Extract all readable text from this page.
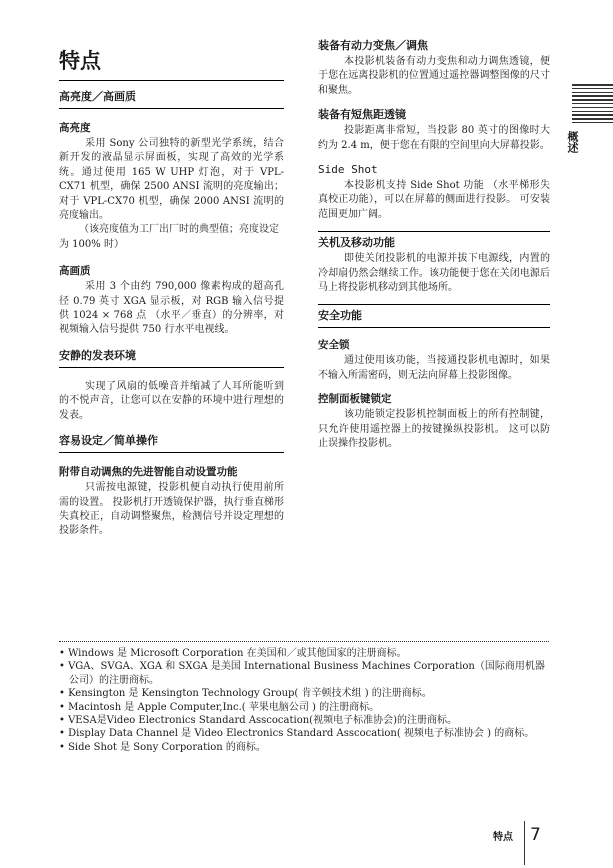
特点
高亮度／高画质
高亮度

采用 Sony 公司独特的新型光学系统，结合新开发的液晶显示屏面板，实现了高效的光学系统。通过使用 165 W UHP 灯泡，对于 VPL-CX71 机型，确保 2500 ANSI 流明的亮度输出；对于 VPL-CX70 机型，确保 2000 ANSI 流明的亮度输出。

（该亮度值为工厂出厂时的典型值；亮度设定为 100% 时）

高画质

采用 3 个由约 790,000 像素构成的超高孔径 0.79 英寸 XGA 显示板，对 RGB 输入信号提供 1024 × 768 点 （水平／垂直）的分辨率，对视频输入信号提供 750 行水平电视线。

安静的发表环境

实现了风扇的低噪音并缩减了人耳所能听到的不悦声音，让您可以在安静的环境中进行理想的发表。

容易设定／简单操作
附带自动调焦的先进智能自动设置功能

只需按电源键，投影机便自动执行使用前所需的设置。 投影机打开透镜保护器，执行垂直梯形失真校正，自动调整聚焦，检测信号并设定理想的投影条件。

装备有动力变焦／调焦

本投影机装备有动力变焦和动力调焦透镜，便于您在远离投影机的位置通过遥控器调整图像的尺寸和聚焦。

装备有短焦距透镜

投影距离非常短，当投影 80 英寸的图像时大约为 2.4 m，便于您在有限的空间里向大屏幕投影。

Side Shot

本投影机支持 Side Shot 功能 （水平梯形失真校正功能），可以在屏幕的侧面进行投影。 可安装范围更加广阔。

关机及移动功能

即使关闭投影机的电源并拔下电源线，内置的冷却扇仍然会继续工作。该功能便于您在关闭电源后马上将投影机移动到其他场所。

安全功能
安全锁

通过使用该功能，当接通投影机电源时，如果不输入所需密码，则无法向屏幕上投影图像。

控制面板键锁定

该功能锁定投影机控制面板上的所有控制键，只允许使用遥控器上的按键操纵投影机。 这可以防止误操作投影机。

• Windows 是 Microsoft Corporation 在美国和／或其他国家的注册商标。
• VGA、SVGA、XGA 和 SXGA 是美国 International Business Machines Corporation（国际商用机器公司）的注册商标。
• Kensington 是 Kensington Technology Group( 肯辛顿技术组 ) 的注册商标。
• Macintosh 是 Apple Computer,Inc.( 苹果电脑公司 ) 的注册商标。
• VESA是Video Electronics Standard Asscocation(视频电子标准协会)的注册商标。
• Display Data Channel 是 Video Electronics Standard Asscocation( 视频电子标准协会 ) 的商标。
• Side Shot 是 Sony Corporation 的商标。
概述
特点 7
